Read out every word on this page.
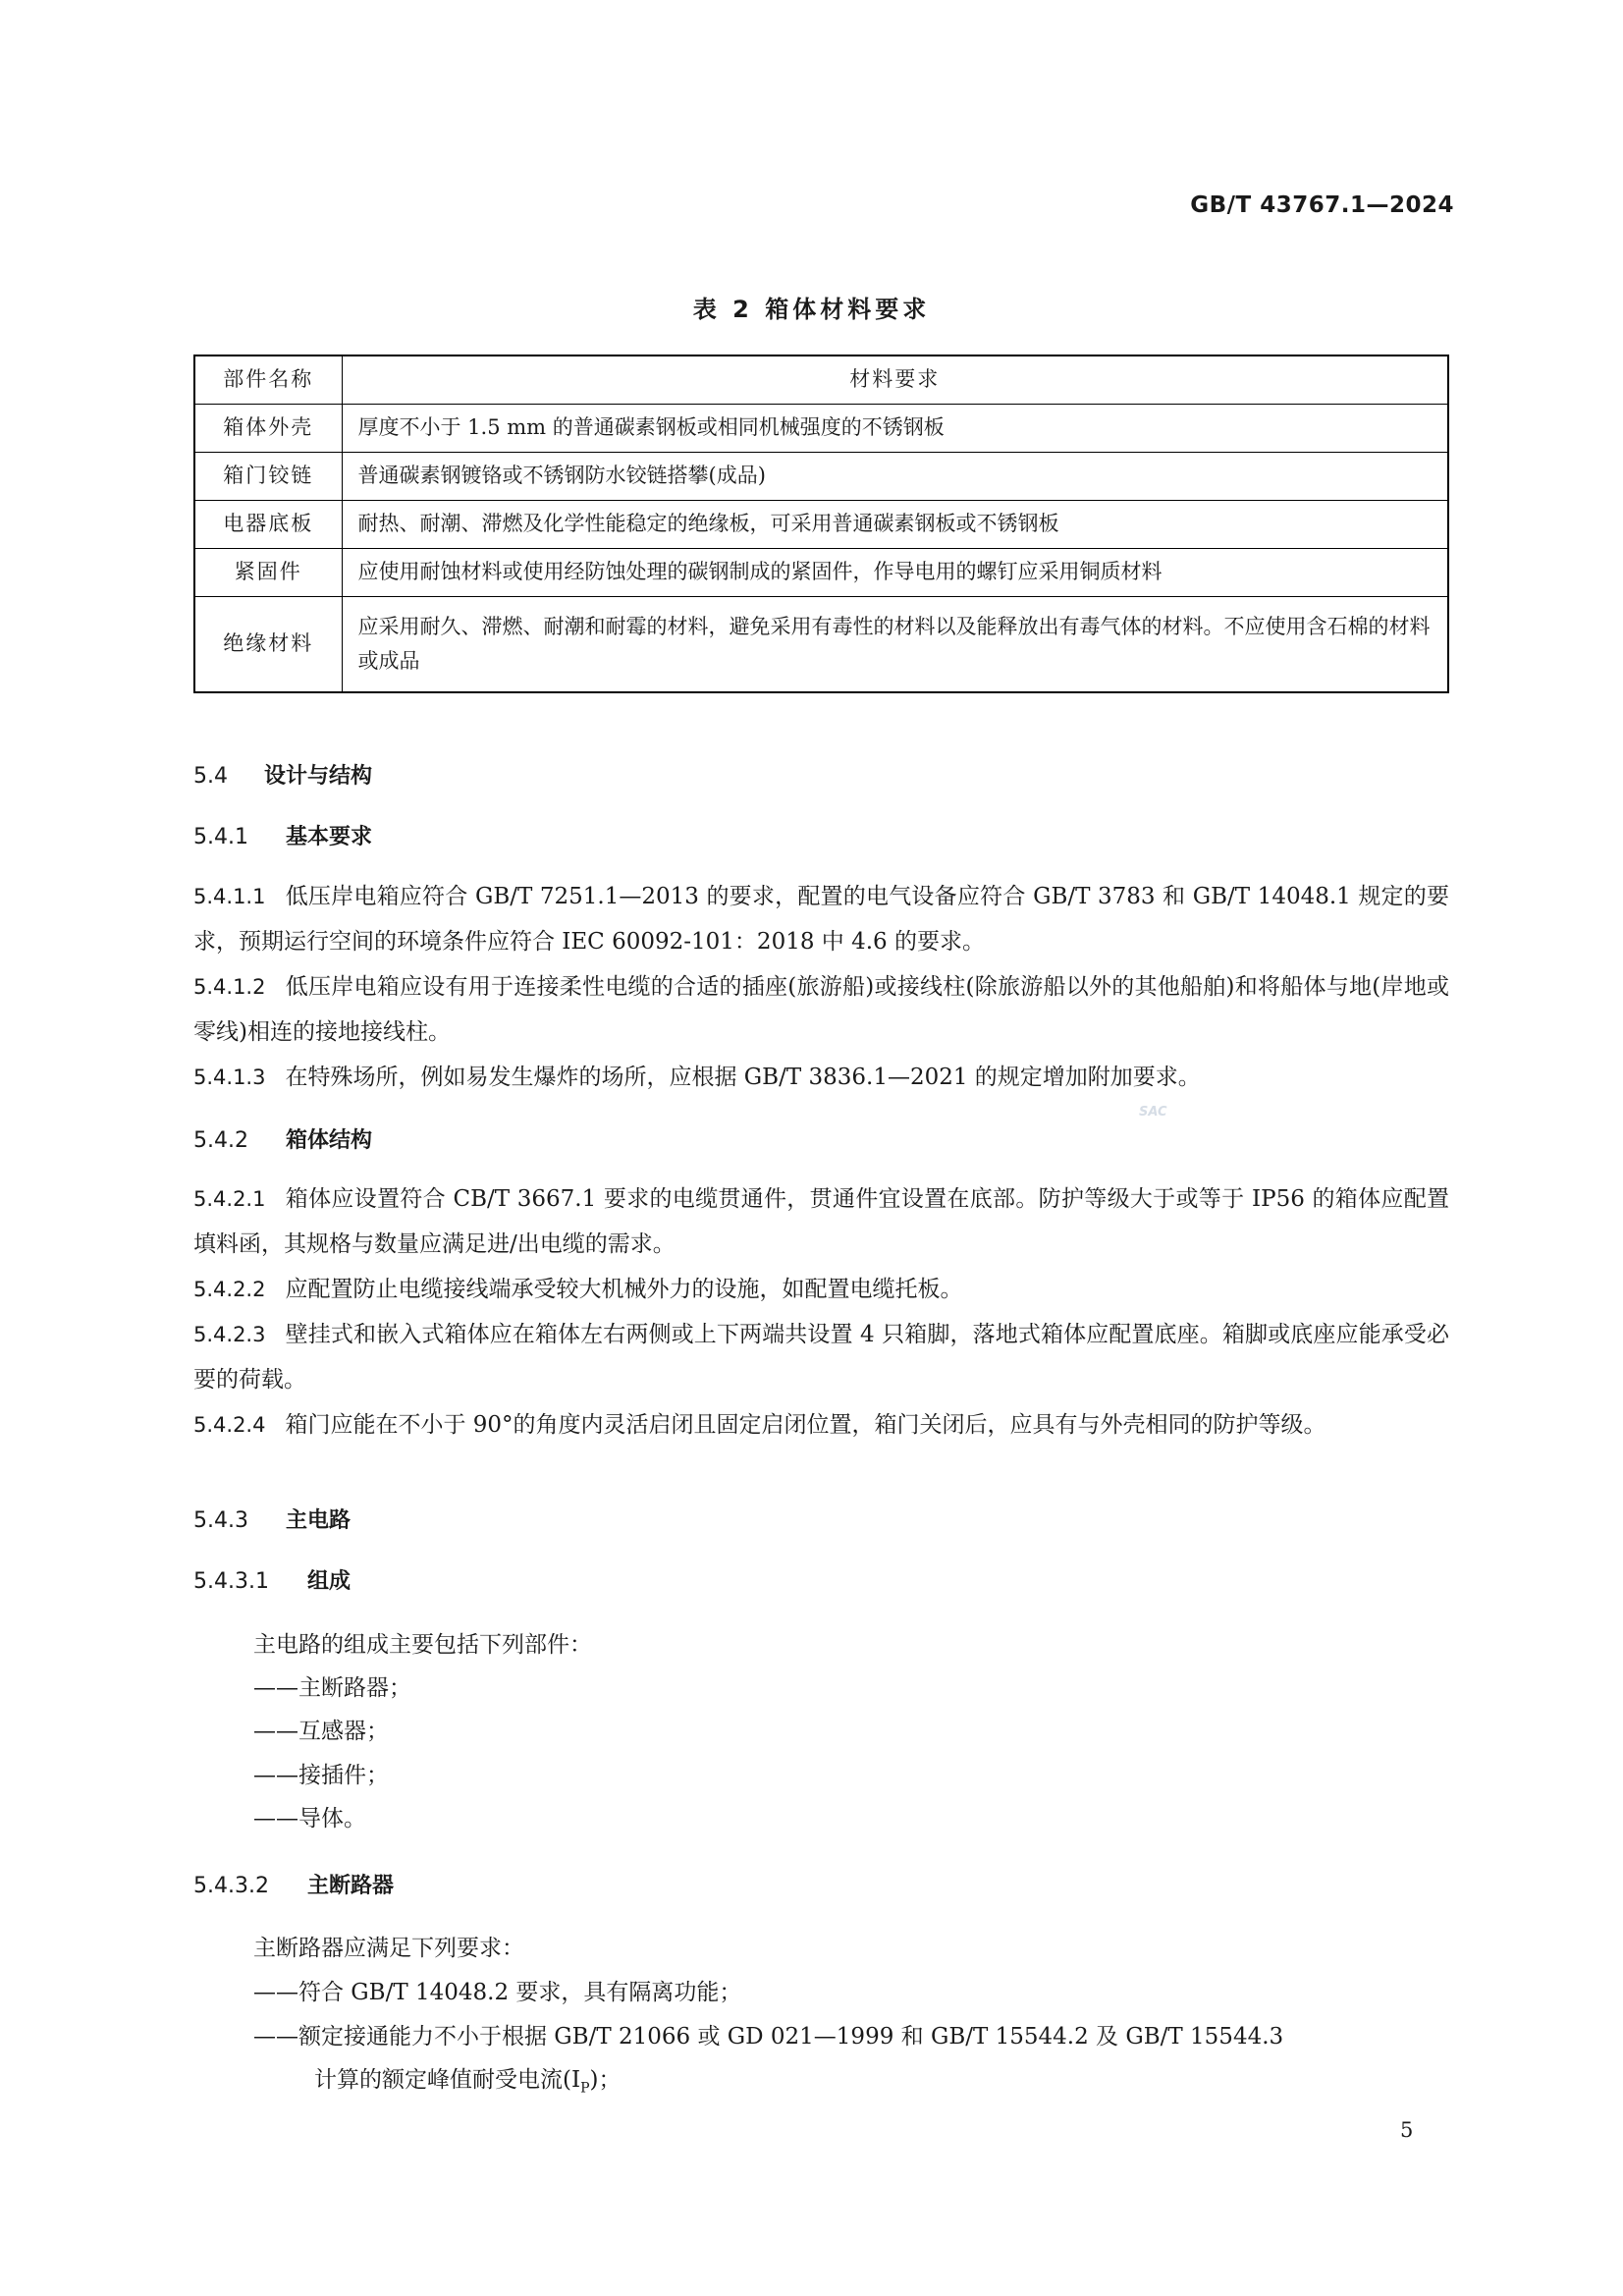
GB/T 43767.1—2024
表 2 箱体材料要求
部件名称	材料要求
箱体外壳	厚度不小于 1.5 mm 的普通碳素钢板或相同机械强度的不锈钢板
箱门铰链	普通碳素钢镀铬或不锈钢防水铰链搭攀(成品)
电器底板	耐热、耐潮、滞燃及化学性能稳定的绝缘板，可采用普通碳素钢板或不锈钢板
紧固件	应使用耐蚀材料或使用经防蚀处理的碳钢制成的紧固件，作导电用的螺钉应采用铜质材料
绝缘材料	应采用耐久、滞燃、耐潮和耐霉的材料，避免采用有毒性的材料以及能释放出有毒气体的材料。不应使用含石棉的材料或成品
5.4 设计与结构
5.4.1 基本要求
5.4.1.1 低压岸电箱应符合 GB/T 7251.1—2013 的要求，配置的电气设备应符合 GB/T 3783 和 GB/T 14048.1 规定的要求，预期运行空间的环境条件应符合 IEC 60092-101：2018 中 4.6 的要求。
5.4.1.2 低压岸电箱应设有用于连接柔性电缆的合适的插座(旅游船)或接线柱(除旅游船以外的其他船舶)和将船体与地(岸地或零线)相连的接地接线柱。
5.4.1.3 在特殊场所，例如易发生爆炸的场所，应根据 GB/T 3836.1—2021 的规定增加附加要求。
SAC
5.4.2 箱体结构
5.4.2.1 箱体应设置符合 CB/T 3667.1 要求的电缆贯通件，贯通件宜设置在底部。防护等级大于或等于 IP56 的箱体应配置填料函，其规格与数量应满足进/出电缆的需求。
5.4.2.2 应配置防止电缆接线端承受较大机械外力的设施，如配置电缆托板。
5.4.2.3 壁挂式和嵌入式箱体应在箱体左右两侧或上下两端共设置 4 只箱脚，落地式箱体应配置底座。箱脚或底座应能承受必要的荷载。
5.4.2.4 箱门应能在不小于 90°的角度内灵活启闭且固定启闭位置，箱门关闭后，应具有与外壳相同的防护等级。
5.4.3 主电路
5.4.3.1 组成
主电路的组成主要包括下列部件：
——主断路器；
——互感器；
——接插件；
——导体。
5.4.3.2 主断路器
主断路器应满足下列要求：
——符合 GB/T 14048.2 要求，具有隔离功能；
——额定接通能力不小于根据 GB/T 21066 或 GD 021—1999 和 GB/T 15544.2 及 GB/T 15544.3
计算的额定峰值耐受电流$(I_P)$；
5
